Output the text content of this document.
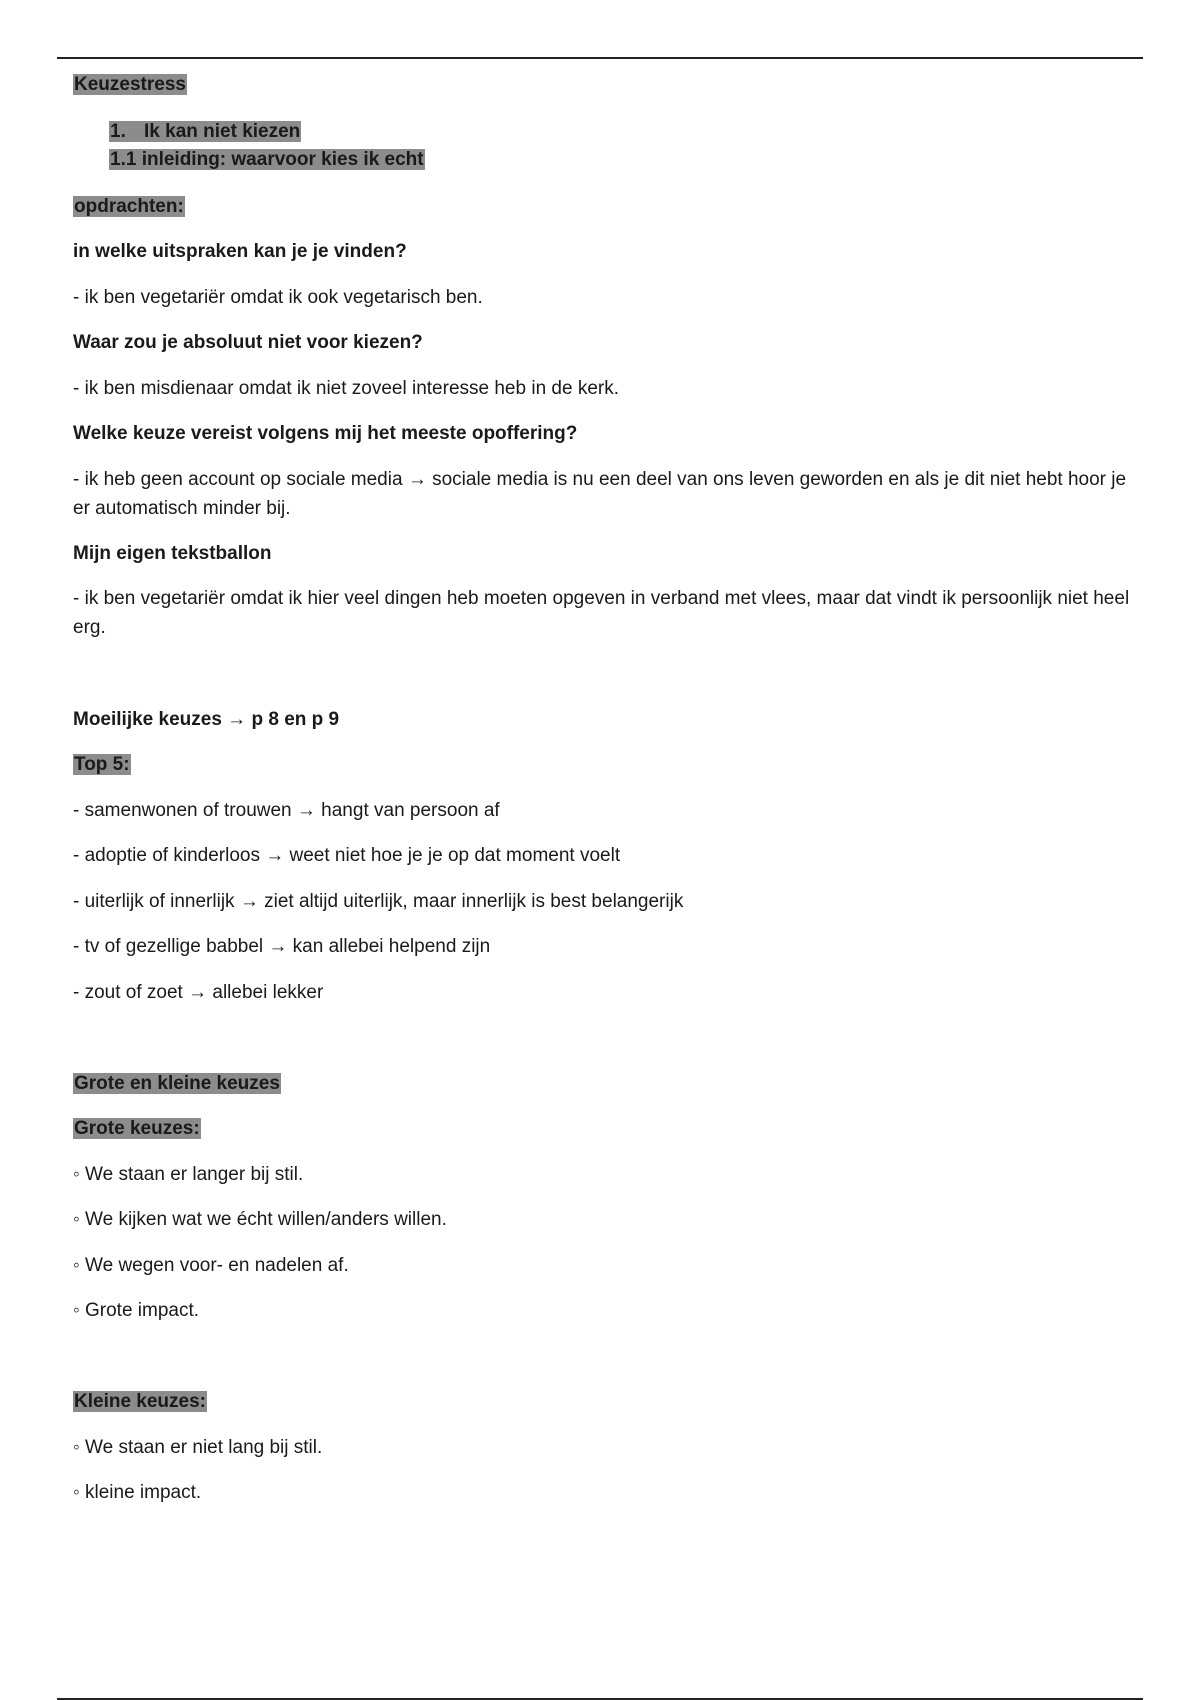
Keuzestress
1. Ik kan niet kiezen
1.1 inleiding: waarvoor kies ik echt
opdrachten:
in welke uitspraken kan je je vinden?
- ik ben vegetariër omdat ik ook vegetarisch ben.
Waar zou je absoluut niet voor kiezen?
- ik ben misdienaar omdat ik niet zoveel interesse heb in de kerk.
Welke keuze vereist volgens mij het meeste opoffering?
- ik heb geen account op sociale media → sociale media is nu een deel van ons leven geworden en als je dit niet hebt hoor je er automatisch minder bij.
Mijn eigen tekstballon
- ik ben vegetariër omdat ik hier veel dingen heb moeten opgeven in verband met vlees, maar dat vindt ik persoonlijk niet heel erg.
Moeilijke keuzes → p 8 en p 9
Top 5:
- samenwonen of trouwen → hangt van persoon af
- adoptie of kinderloos → weet niet hoe je je op dat moment voelt
- uiterlijk of innerlijk → ziet altijd uiterlijk, maar innerlijk is best belangerijk
- tv of gezellige babbel → kan allebei helpend zijn
- zout of zoet → allebei lekker
Grote en kleine keuzes
Grote keuzes:
◦ We staan er langer bij stil.
◦ We kijken wat we écht willen/anders willen.
◦ We wegen voor- en nadelen af.
◦ Grote impact.
Kleine keuzes:
◦ We staan er niet lang bij stil.
◦ kleine impact.
